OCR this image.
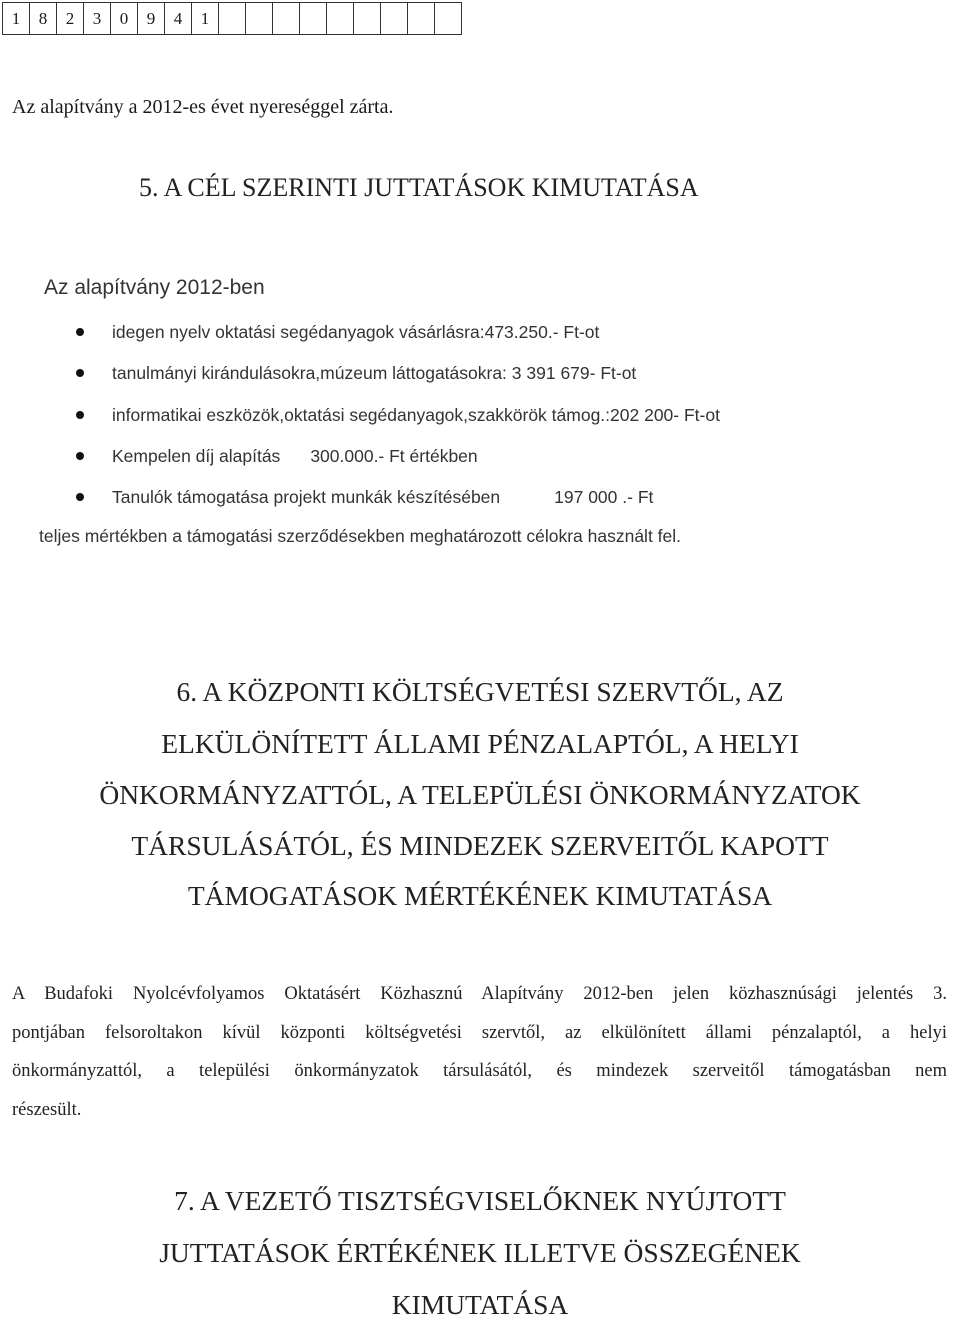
1	8	2	3	0	9	4	1
Az alapítvány a 2012-es évet nyereséggel zárta.
5. A CÉL SZERINTI JUTTATÁSOK KIMUTATÁSA
Az alapítvány 2012-ben
idegen nyelv oktatási segédanyagok vásárlásra:473.250.- Ft-ot
tanulmányi kirándulásokra,múzeum láttogatásokra: 3 391 679- Ft-ot
informatikai eszközök,oktatási segédanyagok,szakkörök támog.:202 200- Ft-ot
Kempelen díj alapítás 300.000.- Ft értékben
Tanulók támogatása projekt munkák készítésében	197 000 .- Ft
teljes mértékben a támogatási szerződésekben meghatározott célokra használt fel.
6. A KÖZPONTI KÖLTSÉGVETÉSI SZERVTŐL, AZ
ELKÜLÖNÍTETT ÁLLAMI PÉNZALAPTÓL, A HELYI
ÖNKORMÁNYZATTÓL, A TELEPÜLÉSI ÖNKORMÁNYZATOK
TÁRSULÁSÁTÓL, ÉS MINDEZEK SZERVEITŐL KAPOTT
TÁMOGATÁSOK MÉRTÉKÉNEK KIMUTATÁSA
A Budafoki Nyolcévfolyamos Oktatásért Közhasznú Alapítvány 2012-ben jelen közhasznúsági jelentés 3.
pontjában felsoroltakon kívül központi költségvetési szervtől, az elkülönített állami pénzalaptól, a helyi
önkormányzattól, a települési önkormányzatok társulásától, és mindezek szerveitől támogatásban nem
részesült.
7. A VEZETŐ TISZTSÉGVISELŐKNEK NYÚJTOTT
JUTTATÁSOK ÉRTÉKÉNEK ILLETVE ÖSSZEGÉNEK
KIMUTATÁSA
